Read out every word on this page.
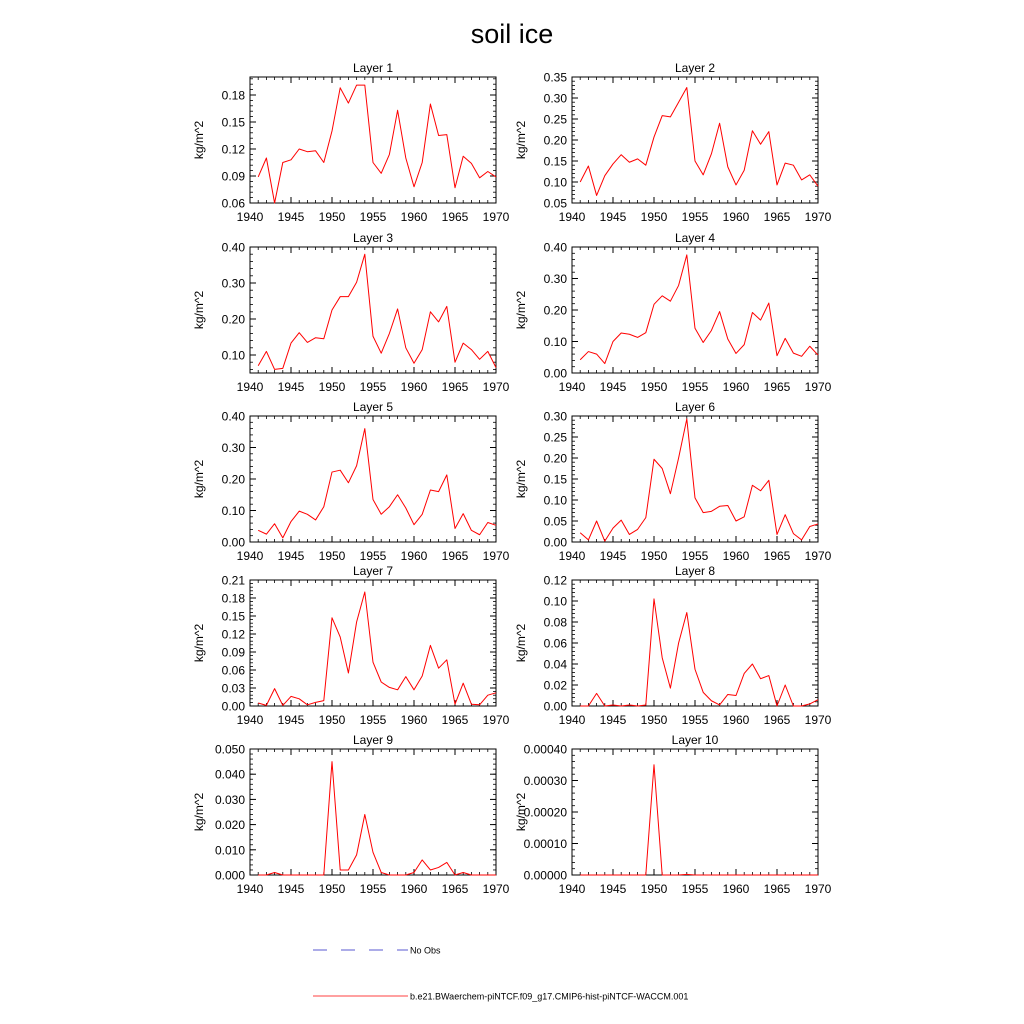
soil ice
Layer 1
kg/m^2
1940 1945 1950 1955 1960 1965 1970
0.06
0.09
0.12
0.15
0.18
Layer 2
kg/m^2
1940 1945 1950 1955 1960 1965 1970
0.05
0.10
0.15
0.20
0.25
0.30
0.35
Layer 3
kg/m^2
1940 1945 1950 1955 1960 1965 1970
0.10
0.20
0.30
0.40
Layer 4
kg/m^2
1940 1945 1950 1955 1960 1965 1970
0.00
0.10
0.20
0.30
0.40
Layer 5
kg/m^2
1940 1945 1950 1955 1960 1965 1970
0.00
0.10
0.20
0.30
0.40
Layer 6
kg/m^2
1940 1945 1950 1955 1960 1965 1970
0.00
0.05
0.10
0.15
0.20
0.25
0.30
Layer 7
kg/m^2
1940 1945 1950 1955 1960 1965 1970
0.00
0.03
0.06
0.09
0.12
0.15
0.18
0.21
Layer 8
kg/m^2
1940 1945 1950 1955 1960 1965 1970
0.00
0.02
0.04
0.06
0.08
0.10
0.12
Layer 9
kg/m^2
1940 1945 1950 1955 1960 1965 1970
0.000
0.010
0.020
0.030
0.040
0.050
Layer 10
kg/m^2
1940 1945 1950 1955 1960 1965 1970
0.00000
0.00010
0.00020
0.00030
0.00040
No Obs
b.e21.BWaerchem-piNTCF.f09_g17.CMIP6-hist-piNTCF-WACCM.001
